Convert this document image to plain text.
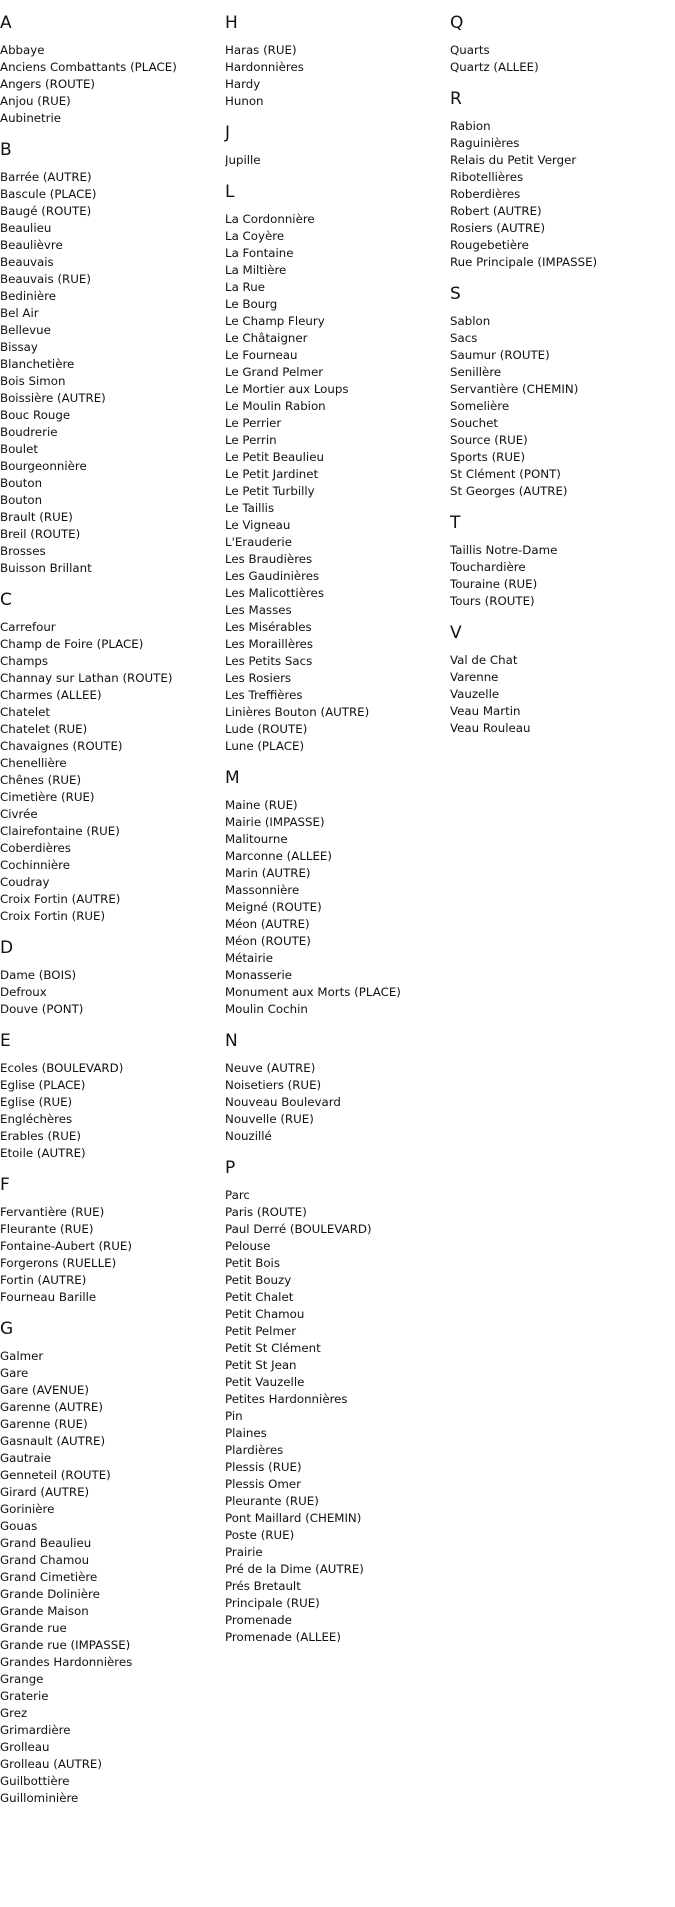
A
Abbaye
Anciens Combattants (PLACE)
Angers (ROUTE)
Anjou (RUE)
Aubinetrie
B
Barrée (AUTRE)
Bascule (PLACE)
Baugé (ROUTE)
Beaulieu
Beaulièvre
Beauvais
Beauvais (RUE)
Bedinière
Bel Air
Bellevue
Bissay
Blanchetière
Bois Simon
Boissière (AUTRE)
Bouc Rouge
Boudrerie
Boulet
Bourgeonnière
Bouton
Bouton
Brault (RUE)
Breil (ROUTE)
Brosses
Buisson Brillant
C
Carrefour
Champ de Foire (PLACE)
Champs
Channay sur Lathan (ROUTE)
Charmes (ALLEE)
Chatelet
Chatelet (RUE)
Chavaignes (ROUTE)
Chenellière
Chênes (RUE)
Cimetière (RUE)
Civrée
Clairefontaine (RUE)
Coberdières
Cochinnière
Coudray
Croix Fortin (AUTRE)
Croix Fortin (RUE)
D
Dame (BOIS)
Defroux
Douve (PONT)
E
Ecoles (BOULEVARD)
Eglise (PLACE)
Eglise (RUE)
Engléchères
Erables (RUE)
Etoile (AUTRE)
F
Fervantière (RUE)
Fleurante (RUE)
Fontaine-Aubert (RUE)
Forgerons (RUELLE)
Fortin (AUTRE)
Fourneau Barille
G
Galmer
Gare
Gare (AVENUE)
Garenne (AUTRE)
Garenne (RUE)
Gasnault (AUTRE)
Gautraie
Genneteil (ROUTE)
Girard (AUTRE)
Gorinière
Gouas
Grand Beaulieu
Grand Chamou
Grand Cimetière
Grande Dolinière
Grande Maison
Grande rue
Grande rue (IMPASSE)
Grandes Hardonnières
Grange
Graterie
Grez
Grimardière
Grolleau
Grolleau (AUTRE)
Guilbottière
Guillominière
H
Haras (RUE)
Hardonnières
Hardy
Hunon
J
Jupille
L
La Cordonnière
La Coyère
La Fontaine
La Miltière
La Rue
Le Bourg
Le Champ Fleury
Le Châtaigner
Le Fourneau
Le Grand Pelmer
Le Mortier aux Loups
Le Moulin Rabion
Le Perrier
Le Perrin
Le Petit Beaulieu
Le Petit Jardinet
Le Petit Turbilly
Le Taillis
Le Vigneau
L'Erauderie
Les Braudières
Les Gaudinières
Les Malicottières
Les Masses
Les Misérables
Les Moraillères
Les Petits Sacs
Les Rosiers
Les Treffières
Linières Bouton (AUTRE)
Lude (ROUTE)
Lune (PLACE)
M
Maine (RUE)
Mairie (IMPASSE)
Malitourne
Marconne (ALLEE)
Marin (AUTRE)
Massonnière
Meigné (ROUTE)
Méon (AUTRE)
Méon (ROUTE)
Métairie
Monasserie
Monument aux Morts (PLACE)
Moulin Cochin
N
Neuve (AUTRE)
Noisetiers (RUE)
Nouveau Boulevard
Nouvelle (RUE)
Nouzillé
P
Parc
Paris (ROUTE)
Paul Derré (BOULEVARD)
Pelouse
Petit Bois
Petit Bouzy
Petit Chalet
Petit Chamou
Petit Pelmer
Petit St Clément
Petit St Jean
Petit Vauzelle
Petites Hardonnières
Pin
Plaines
Plardières
Plessis (RUE)
Plessis Omer
Pleurante (RUE)
Pont Maillard (CHEMIN)
Poste (RUE)
Prairie
Pré de la Dime (AUTRE)
Prés Bretault
Principale (RUE)
Promenade
Promenade (ALLEE)
Q
Quarts
Quartz (ALLEE)
R
Rabion
Raguinières
Relais du Petit Verger
Ribotellières
Roberdières
Robert (AUTRE)
Rosiers (AUTRE)
Rougebetière
Rue Principale (IMPASSE)
S
Sablon
Sacs
Saumur (ROUTE)
Senillère
Servantière (CHEMIN)
Somelière
Souchet
Source (RUE)
Sports (RUE)
St Clément (PONT)
St Georges (AUTRE)
T
Taillis Notre-Dame
Touchardière
Touraine (RUE)
Tours (ROUTE)
V
Val de Chat
Varenne
Vauzelle
Veau Martin
Veau Rouleau
